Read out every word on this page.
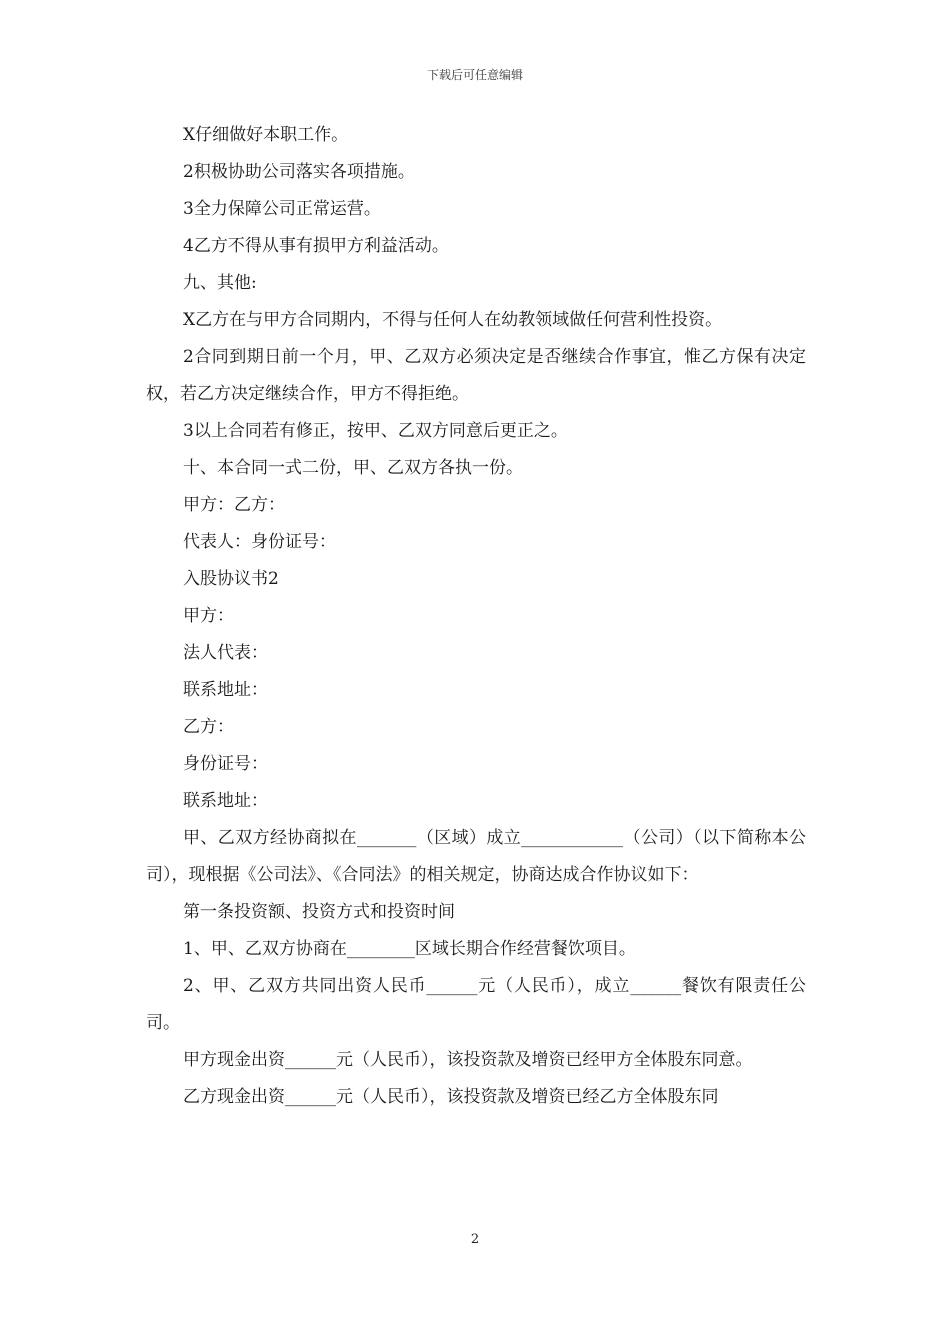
下载后可任意编辑

X仔细做好本职工作。

2积极协助公司落实各项措施。

3全力保障公司正常运营。

4乙方不得从事有损甲方利益活动。

九、其他:

X乙方在与甲方合同期内，不得与任何人在幼教领域做任何营利性投资。

2合同到期日前一个月，甲、乙双方必须决定是否继续合作事宜，惟乙方保有决定权，若乙方决定继续合作，甲方不得拒绝。

3以上合同若有修正，按甲、乙双方同意后更正之。

十、本合同一式二份，甲、乙双方各执一份。

甲方：乙方：

代表人：身份证号：

入股协议书2

甲方：

法人代表：

联系地址：

乙方：

身份证号：

联系地址：

甲、乙双方经协商拟在_______（区域）成立____________（公司）（以下简称本公司），现根据《公司法》、《合同法》的相关规定，协商达成合作协议如下：

第一条投资额、投资方式和投资时间

1、甲、乙双方协商在________区域长期合作经营餐饮项目。

2、甲、乙双方共同出资人民币______元（人民币），成立______餐饮有限责任公司。

甲方现金出资______元（人民币），该投资款及增资已经甲方全体股东同意。

乙方现金出资______元（人民币），该投资款及增资已经乙方全体股东同

2
